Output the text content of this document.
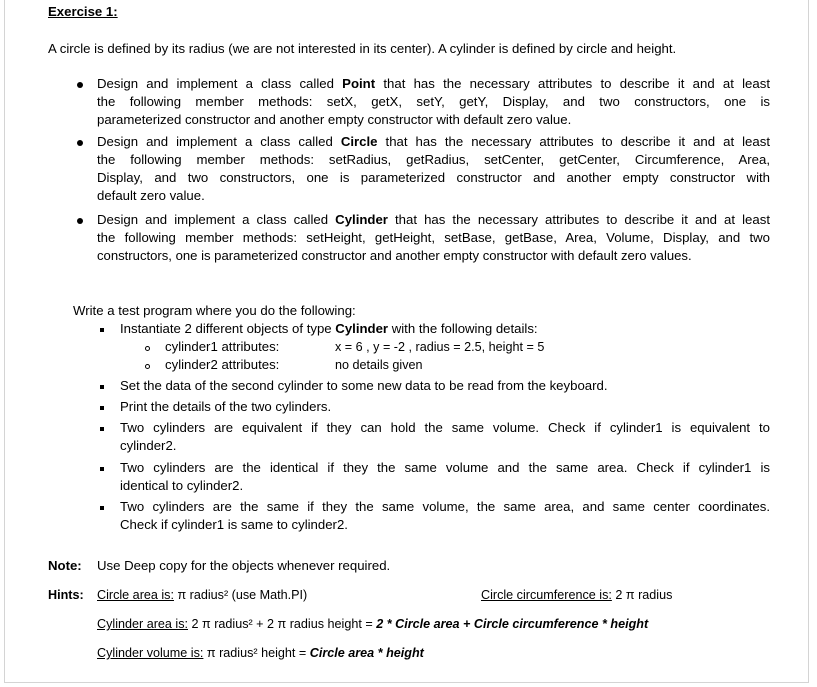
Exercise 1:
A circle is defined by its radius (we are not interested in its center). A cylinder is defined by circle and height.
Design and implement a class called Point that has the necessary attributes to describe it and at least
the following member methods: setX, getX, setY, getY, Display, and two constructors, one is
parameterized constructor and another empty constructor with default zero value.
Design and implement a class called Circle that has the necessary attributes to describe it and at least
the following member methods: setRadius, getRadius, setCenter, getCenter, Circumference, Area,
Display, and two constructors, one is parameterized constructor and another empty constructor with
default zero value.
Design and implement a class called Cylinder that has the necessary attributes to describe it and at least
the following member methods: setHeight, getHeight, setBase, getBase, Area, Volume, Display, and two
constructors, one is parameterized constructor and another empty constructor with default zero values.
Write a test program where you do the following:
Instantiate 2 different objects of type Cylinder with the following details:
cylinder1 attributes:	x = 6 , y = -2 , radius = 2.5, height = 5
cylinder2 attributes:	no details given
Set the data of the second cylinder to some new data to be read from the keyboard.
Print the details of the two cylinders.
Two cylinders are equivalent if they can hold the same volume. Check if cylinder1 is equivalent to
cylinder2.
Two cylinders are the identical if they the same volume and the same area. Check if cylinder1 is
identical to cylinder2.
Two cylinders are the same if they the same volume, the same area, and same center coordinates.
Check if cylinder1 is same to cylinder2.
Note: Use Deep copy for the objects whenever required.
Hints: Circle area is: π radius² (use Math.PI)	Circle circumference is: 2 π radius
Cylinder area is: 2 π radius² + 2 π radius height = 2 * Circle area + Circle circumference * height
Cylinder volume is: π radius² height = Circle area * height
